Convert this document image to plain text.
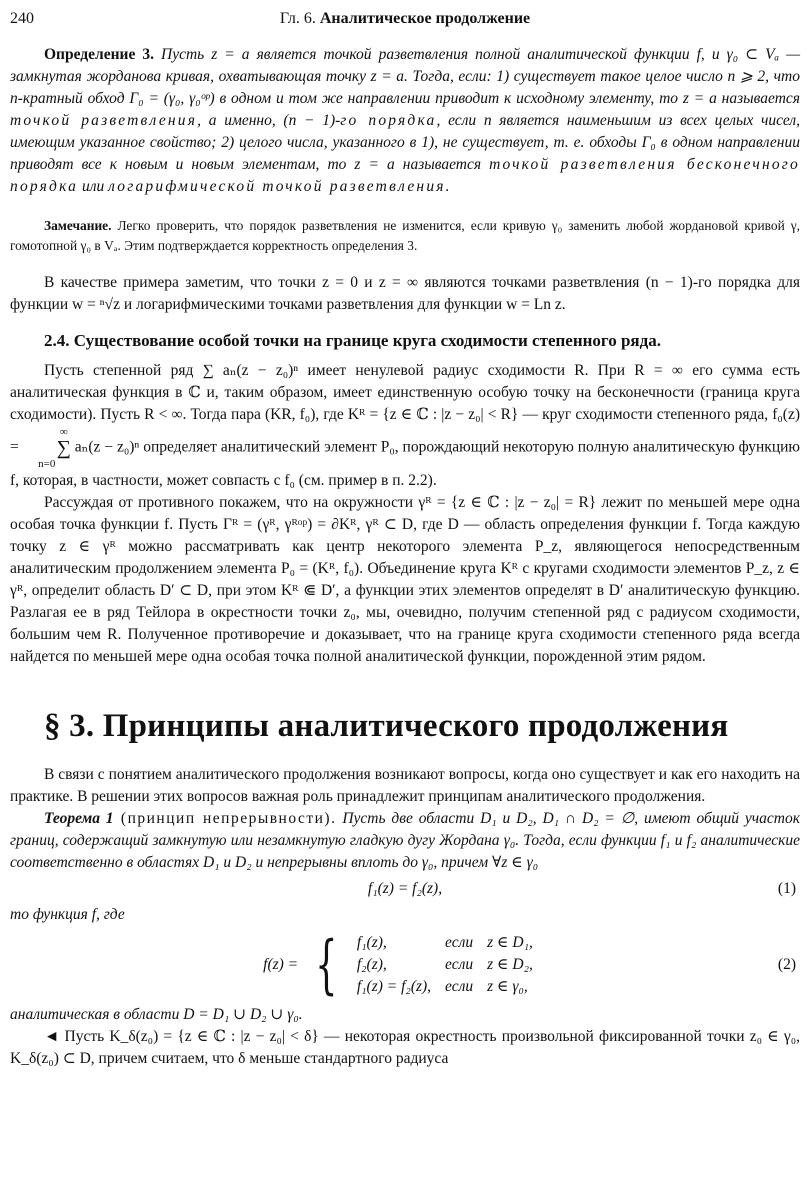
240	Гл. 6. Аналитическое продолжение

Определение 3. Пусть z = a является точкой разветвления полной аналитической функции f, и γ₀ ⊂ Vₐ — замкнутая жорданова кривая, охватывающая точку z = a. Тогда, если: 1) существует такое целое число n ⩾ 2, что n-кратный обход Γ₀ = (γ₀, γ₀ᵒᵖ) в одном и том же направлении приводит к исходному элементу, то z = a называется точкой разветвления, а именно, (n − 1)-го порядка, если n является наименьшим из всех целых чисел, имеющим указанное свойство; 2) целого числа, указанного в 1), не существует, т. е. обходы Γ₀ в одном направлении приводят все к новым и новым элементам, то z = a называется точкой разветвления бесконечного порядка или логарифмической точкой разветвления.

Замечание. Легко проверить, что порядок разветвления не изменится, если кривую γ₀ заменить любой жордановой кривой γ, гомотопной γ₀ в Vₐ. Этим подтверждается корректность определения 3.

В качестве примера заметим, что точки z = 0 и z = ∞ являются точками разветвления (n − 1)-го порядка для функции w = ⁿ√z и логарифмическими точками разветвления для функции w = Ln z.

2.4. Существование особой точки на границе круга сходимости степенного ряда.

Пусть степенной ряд ∑ aₙ(z − z₀)ⁿ имеет ненулевой радиус сходимости R. При R = ∞ его сумма есть аналитическая функция в ℂ и, таким образом, имеет единственную особую точку на бесконечности (граница круга сходимости). Пусть R < ∞. Тогда пара (KR, f₀), где Kᴿ = {z ∈ ℂ : |z − z₀| < R} — круг сходимости степенного ряда, f₀(z) = ∞
∑
n=0 aₙ(z − z₀)ⁿ определяет аналитический элемент P₀, порождающий некоторую полную аналитическую функцию f, которая, в частности, может совпасть с f₀ (см. пример в п. 2.2).

Рассуждая от противного покажем, что на окружности γᴿ = {z ∈ ℂ : |z − z₀| = R} лежит по меньшей мере одна особая точка функции f. Пусть Γᴿ = (γᴿ, γᴿᵒᵖ) = ∂Kᴿ, γᴿ ⊂ D, где D — область определения функции f. Тогда каждую точку z ∈ γᴿ можно рассматривать как центр некоторого элемента P_z, являющегося непосредственным аналитическим продолжением элемента P₀ = (Kᴿ, f₀). Объединение круга Kᴿ с кругами сходимости элементов P_z, z ∈ γᴿ, определит область D′ ⊂ D, при этом Kᴿ ⋐ D′, а функции этих элементов определят в D′ аналитическую функцию. Разлагая ее в ряд Тейлора в окрестности точки z₀, мы, очевидно, получим степенной ряд с радиусом сходимости, большим чем R. Полученное противоречие и доказывает, что на границе круга сходимости степенного ряда всегда найдется по меньшей мере одна особая точка полной аналитической функции, порожденной этим рядом.

§ 3. Принципы аналитического продолжения

В связи с понятием аналитического продолжения возникают вопросы, когда оно существует и как его находить на практике. В решении этих вопросов важная роль принадлежит принципам аналитического продолжения.

Теорема 1 (принцип непрерывности). Пусть две области D₁ и D₂, D₁ ∩ D₂ = ∅, имеют общий участок границ, содержащий замкнутую или незамкнутую гладкую дугу Жордана γ₀. Тогда, если функции f₁ и f₂ аналитические соответственно в областях D₁ и D₂ и непрерывны вплоть до γ₀, причем ∀z ∈ γ₀

f₁(z) = f₂(z),	(1)

то функция f, где

f(z) = { f₁(z),	если	z ∈ D₁,
f₂(z),	если	z ∈ D₂,
f₁(z) = f₂(z),	если	z ∈ γ₀,
(2)

аналитическая в области D = D₁ ∪ D₂ ∪ γ₀.

◄ Пусть K_δ(z₀) = {z ∈ ℂ : |z − z₀| < δ} — некоторая окрестность произвольной фиксированной точки z₀ ∈ γ₀, K_δ(z₀) ⊂ D, причем считаем, что δ меньше стандартного радиуса
